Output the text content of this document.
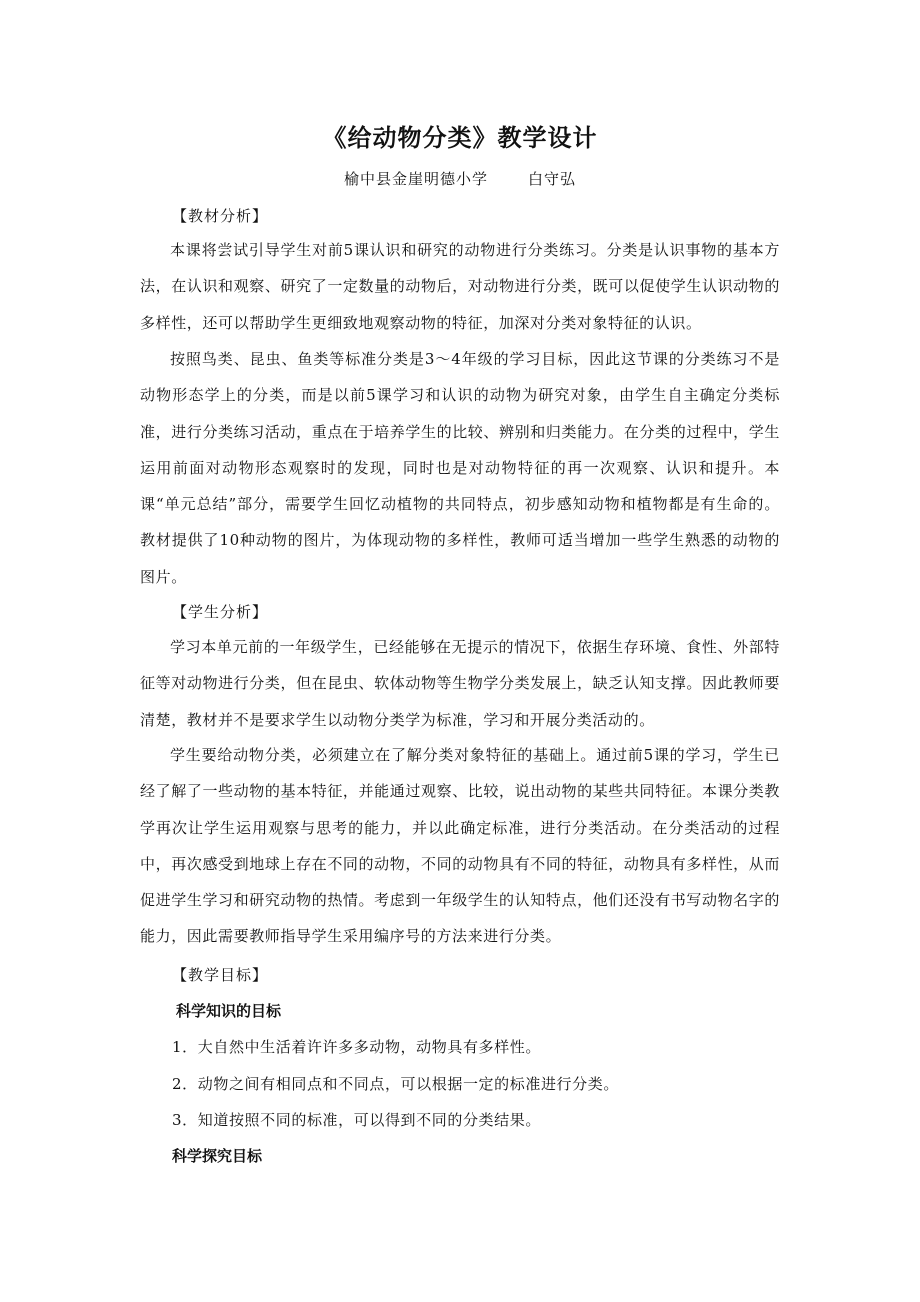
《给动物分类》教学设计
榆中县金崖明德小学	白守弘
【教材分析】

本课将尝试引导学生对前5课认识和研究的动物进行分类练习。分类是认识事物的基本方法，在认识和观察、研究了一定数量的动物后，对动物进行分类，既可以促使学生认识动物的多样性，还可以帮助学生更细致地观察动物的特征，加深对分类对象特征的认识。

按照鸟类、昆虫、鱼类等标准分类是3～4年级的学习目标，因此这节课的分类练习不是动物形态学上的分类，而是以前5课学习和认识的动物为研究对象，由学生自主确定分类标准，进行分类练习活动，重点在于培养学生的比较、辨别和归类能力。在分类的过程中，学生运用前面对动物形态观察时的发现，同时也是对动物特征的再一次观察、认识和提升。本课“单元总结”部分，需要学生回忆动植物的共同特点，初步感知动物和植物都是有生命的。教材提供了10种动物的图片，为体现动物的多样性，教师可适当增加一些学生熟悉的动物的图片。

【学生分析】

学习本单元前的一年级学生，已经能够在无提示的情况下，依据生存环境、食性、外部特征等对动物进行分类，但在昆虫、软体动物等生物学分类发展上，缺乏认知支撑。因此教师要清楚，教材并不是要求学生以动物分类学为标准，学习和开展分类活动的。

学生要给动物分类，必须建立在了解分类对象特征的基础上。通过前5课的学习，学生已经了解了一些动物的基本特征，并能通过观察、比较，说出动物的某些共同特征。本课分类教学再次让学生运用观察与思考的能力，并以此确定标准，进行分类活动。在分类活动的过程中，再次感受到地球上存在不同的动物，不同的动物具有不同的特征，动物具有多样性，从而促进学生学习和研究动物的热情。考虑到一年级学生的认知特点，他们还没有书写动物名字的能力，因此需要教师指导学生采用编序号的方法来进行分类。

【教学目标】
科学知识的目标
1．大自然中生活着许许多多动物，动物具有多样性。
2．动物之间有相同点和不同点，可以根据一定的标准进行分类。
3．知道按照不同的标准，可以得到不同的分类结果。
科学探究目标
